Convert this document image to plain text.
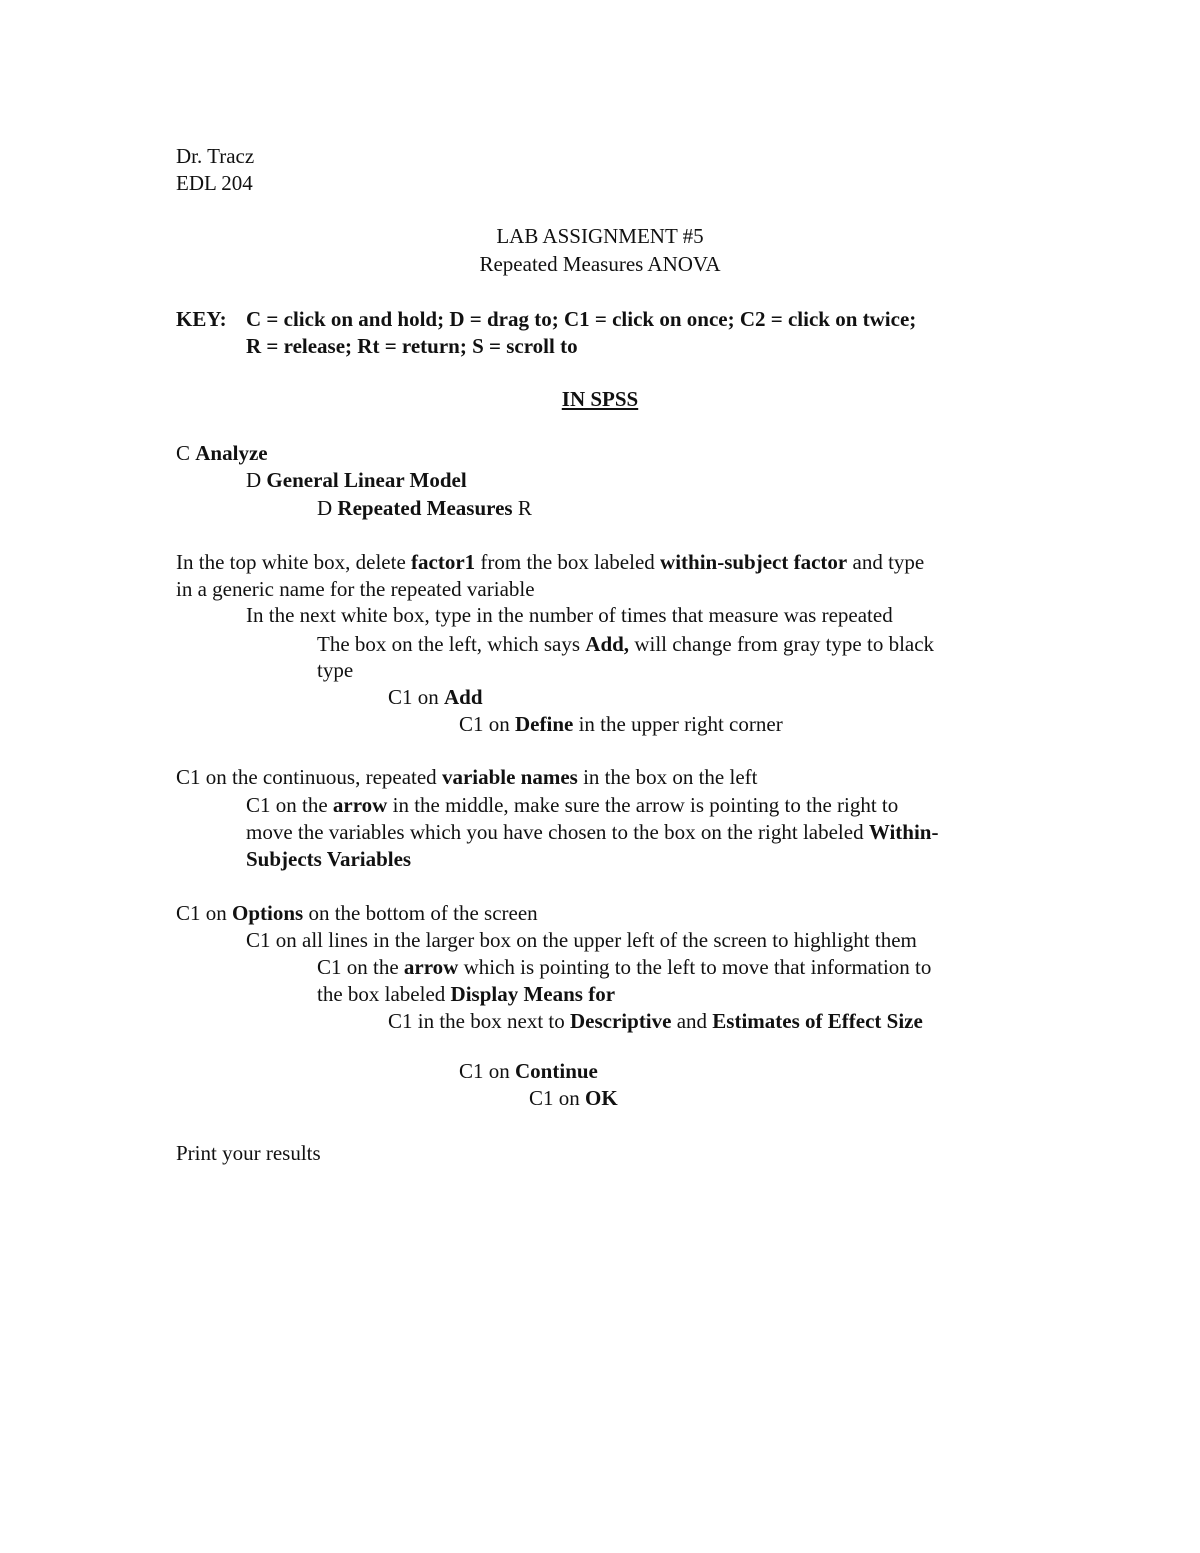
Dr. Tracz
EDL 204
LAB ASSIGNMENT #5
Repeated Measures ANOVA
KEY: C = click on and hold; D = drag to; C1 = click on once; C2 = click on twice;
R = release; Rt = return; S = scroll to
IN SPSS
C Analyze
D General Linear Model
D Repeated Measures R
In the top white box, delete factor1 from the box labeled within-subject factor and type
in a generic name for the repeated variable
In the next white box, type in the number of times that measure was repeated
The box on the left, which says Add, will change from gray type to black
type
C1 on Add
C1 on Define in the upper right corner
C1 on the continuous, repeated variable names in the box on the left
C1 on the arrow in the middle, make sure the arrow is pointing to the right to
move the variables which you have chosen to the box on the right labeled Within-
Subjects Variables
C1 on Options on the bottom of the screen
C1 on all lines in the larger box on the upper left of the screen to highlight them
C1 on the arrow which is pointing to the left to move that information to
the box labeled Display Means for
C1 in the box next to Descriptive and Estimates of Effect Size
C1 on Continue
C1 on OK
Print your results
